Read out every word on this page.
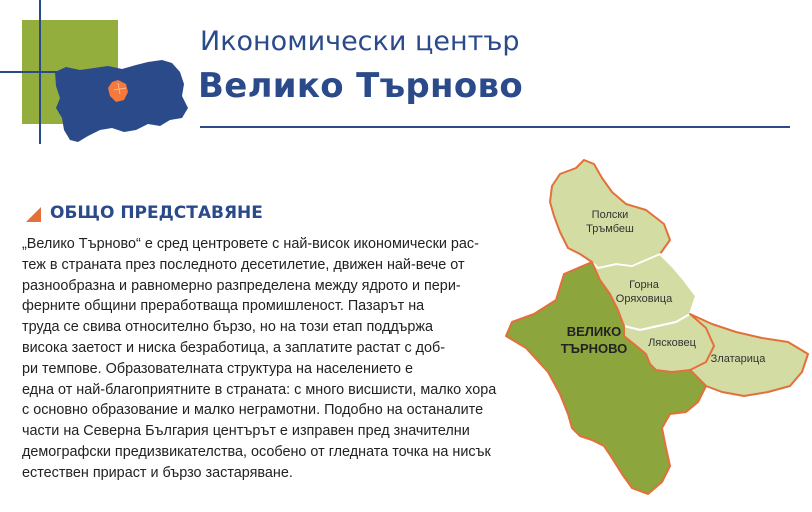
Икономически център
Велико Търново
ОБЩО ПРЕДСТАВЯНЕ
„Велико Търново“ е сред центровете с най-висок икономически рас-
теж в страната през последното десетилетие, движен най-вече от
разнообразна и равномерно разпределена между ядрото и пери-
ферните общини преработваща промишленост. Пазарът на
труда се свива относително бързо, но на този етап поддържа
висока заетост и ниска безработица, а заплатите растат с доб-
ри темпове. Образователната структура на населението е
една от най-благоприятните в страната: с много висшисти, малко хора
с основно образование и малко неграмотни. Подобно на останалите
части на Северна България центърът е изправен пред значителни
демографски предизвикателства, особено от гледната точка на нисък
естествен прираст и бързо застаряване.
Полски
Тръмбеш
Горна
Оряховица
Лясковец
Златарица
ВЕЛИКО
ТЪРНОВО
